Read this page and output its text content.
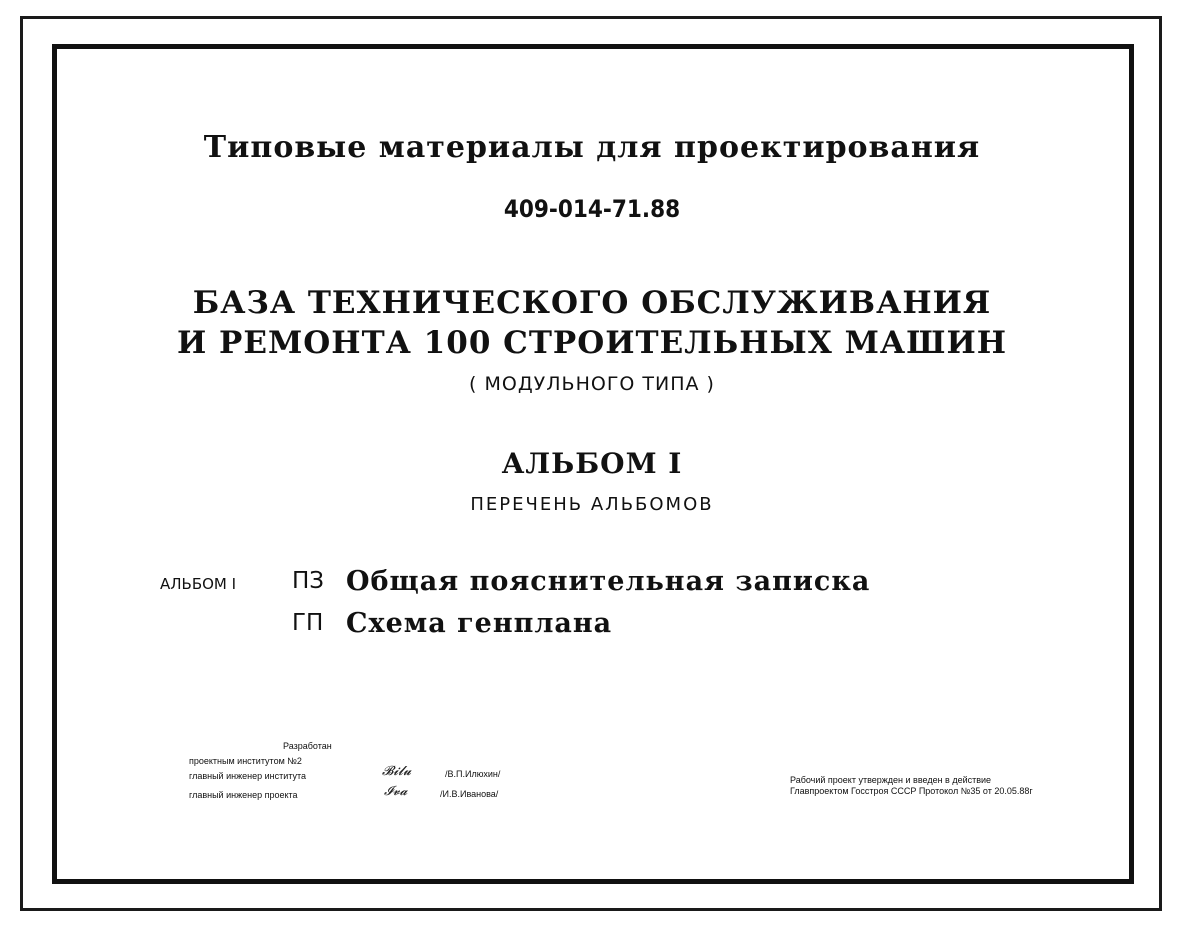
Типовые материалы для проектирования
409-014-71.88
БАЗА ТЕХНИЧЕСКОГО ОБСЛУЖИВАНИЯ
И РЕМОНТА 100 СТРОИТЕЛЬНЫХ МАШИН
( МОДУЛЬНОГО ТИПА )
АЛЬБОМ I
ПЕРЕЧЕНЬ АЛЬБОМОВ
АЛЬБОМ I ПЗ Общая пояснительная записка
ГП Схема генплана
Разработан
проектным институтом №2
главный инженер института	𝓑𝓲𝓵𝓾	/В.П.Илюхин/
главный инженер проекта	𝓘𝓿𝓪	/И.В.Иванова/
Рабочий проект утвержден и введен в действие
Главпроектом Госстроя СССР Протокол №35 от 20.05.88г
